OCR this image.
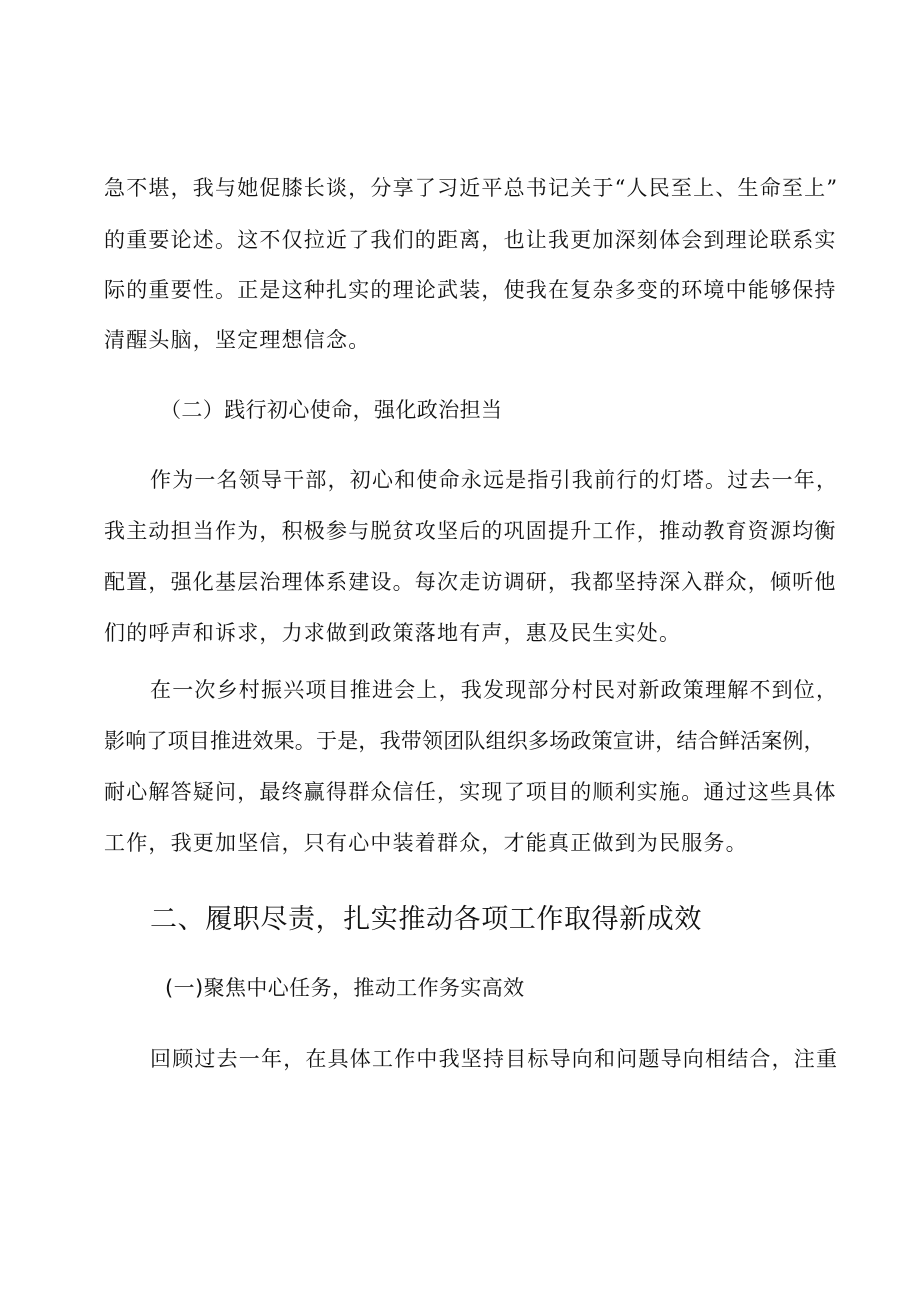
急不堪，我与她促膝长谈，分享了习近平总书记关于“人民至上、生命至上”
的重要论述。这不仅拉近了我们的距离，也让我更加深刻体会到理论联系实
际的重要性。正是这种扎实的理论武装，使我在复杂多变的环境中能够保持
清醒头脑，坚定理想信念。
（二）践行初心使命，强化政治担当
作为一名领导干部，初心和使命永远是指引我前行的灯塔。过去一年，
我主动担当作为，积极参与脱贫攻坚后的巩固提升工作，推动教育资源均衡
配置，强化基层治理体系建设。每次走访调研，我都坚持深入群众，倾听他
们的呼声和诉求，力求做到政策落地有声，惠及民生实处。
在一次乡村振兴项目推进会上，我发现部分村民对新政策理解不到位，
影响了项目推进效果。于是，我带领团队组织多场政策宣讲，结合鲜活案例，
耐心解答疑问，最终赢得群众信任，实现了项目的顺利实施。通过这些具体
工作，我更加坚信，只有心中装着群众，才能真正做到为民服务。
二、履职尽责，扎实推动各项工作取得新成效
(一)聚焦中心任务，推动工作务实高效
回顾过去一年，在具体工作中我坚持目标导向和问题导向相结合，注重
